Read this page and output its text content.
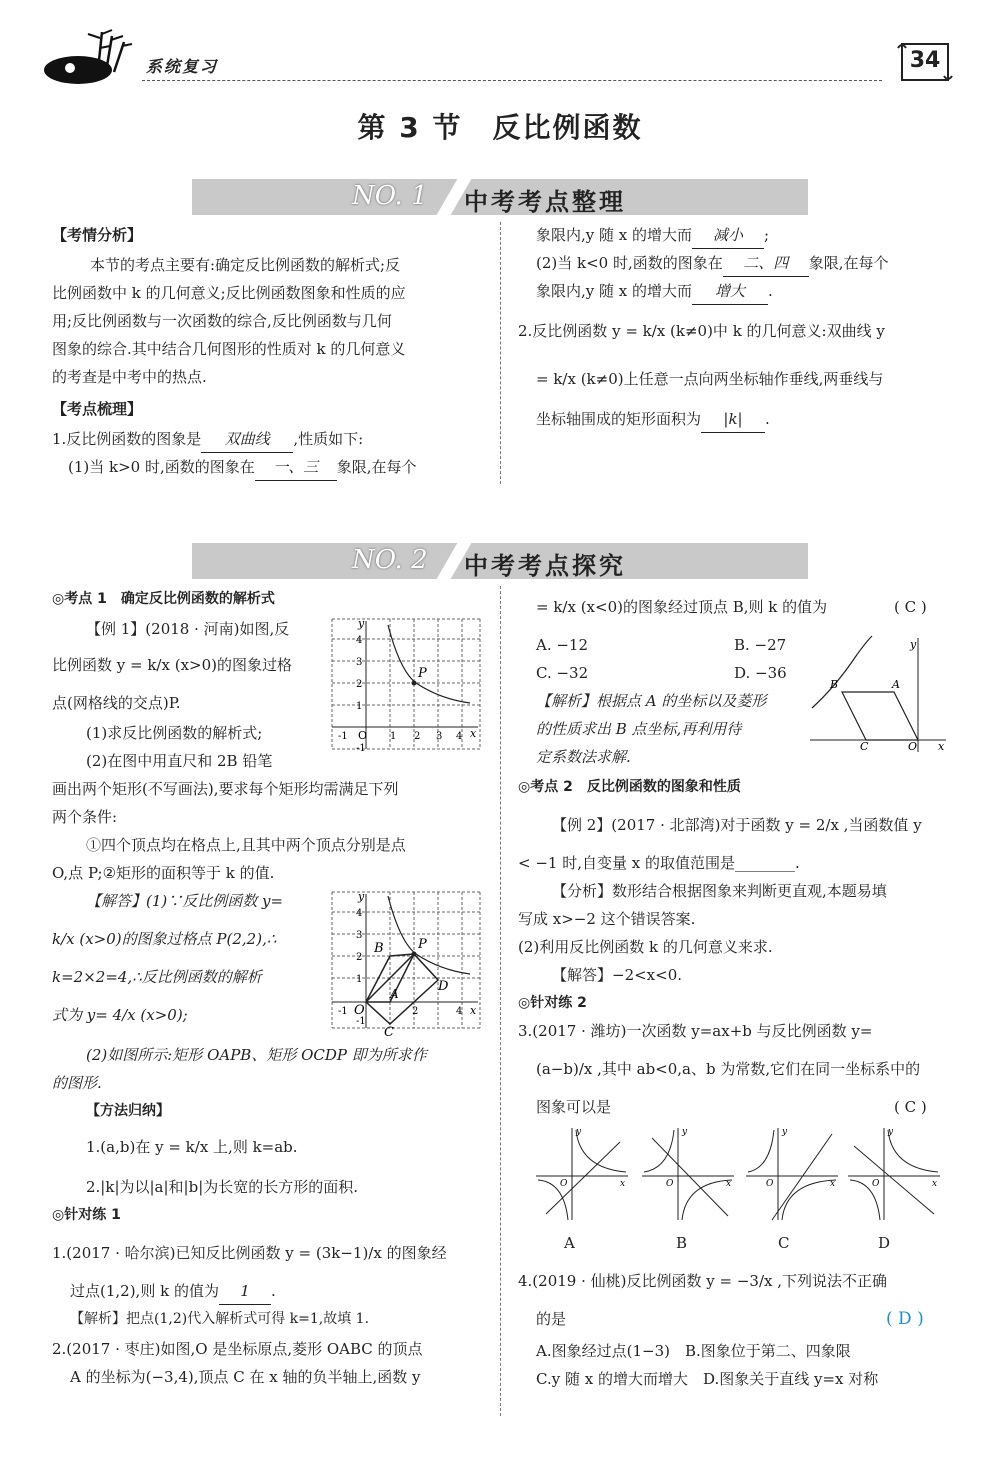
系统复习	34
第 3 节　反比例函数
NO. 1 中考考点整理
【考情分析】
本节的考点主要有:确定反比例函数的解析式;反
比例函数中 k 的几何意义;反比例函数图象和性质的应
用;反比例函数与一次函数的综合,反比例函数与几何
图象的综合.其中结合几何图形的性质对 k 的几何意义
的考查是中考中的热点.
【考点梳理】
1.反比例函数的图象是 双曲线 ,性质如下:
(1)当 k>0 时,函数的图象在 一、三 象限,在每个
象限内,y 随 x 的增大而 减小 ;
(2)当 k<0 时,函数的图象在 二、四 象限,在每个
象限内,y 随 x 的增大而 增大 .
2.反比例函数 y = k/x (k≠0)中 k 的几何意义:双曲线 y
= k/x (k≠0)上任意一点向两坐标轴作垂线,两垂线与
坐标轴围成的矩形面积为 |k| .
NO. 2 中考考点探究
◎考点 1　确定反比例函数的解析式
【例 1】(2018 · 河南)如图,反
比例函数 y = k/x (x>0)的图象过格
点(网格线的交点)P.
(1)求反比例函数的解析式;
(2)在图中用直尺和 2B 铅笔
画出两个矩形(不写画法),要求每个矩形均需满足下列
两个条件:
①四个顶点均在格点上,且其中两个顶点分别是点
O,点 P;②矩形的面积等于 k 的值.
P
y
x
O
4
3
2
1
-1
-1	1 2 3 4
【解答】(1)∵反比例函数 y=
k/x (x>0)的图象过格点 P(2,2),∴
k=2×2=4,∴反比例函数的解析
式为 y= 4/x (x>0);
P
B
A	D
C
O
y
x
4
3
2
1
-1
-1	2	4
(2)如图所示:矩形 OAPB、矩形 OCDP 即为所求作
的图形.
【方法归纳】
1.(a,b)在 y = k/x 上,则 k=ab.
2.|k|为以|a|和|b|为长宽的长方形的面积.
◎针对练 1
1.(2017 · 哈尔滨)已知反比例函数 y = (3k−1)/x 的图象经
过点(1,2),则 k 的值为 1 .
【解析】把点(1,2)代入解析式可得 k=1,故填 1.
2.(2017 · 枣庄)如图,O 是坐标原点,菱形 OABC 的顶点
A 的坐标为(−3,4),顶点 C 在 x 轴的负半轴上,函数 y
= k/x (x<0)的图象经过顶点 B,则 k 的值为	( C )
A. −12	B. −27
C. −32	D. −36
【解析】根据点 A 的坐标以及菱形
的性质求出 B 点坐标,再利用待
定系数法求解.
B	A
C	O
y
x
◎考点 2　反比例函数的图象和性质
【例 2】(2017 · 北部湾)对于函数 y = 2/x ,当函数值 y
< −1 时,自变量 x 的取值范围是________.
【分析】数形结合根据图象来判断更直观,本题易填
写成 x>−2 这个错误答案.
(2)利用反比例函数 k 的几何意义来求.
【解答】−2<x<0.
◎针对练 2
3.(2017 · 潍坊)一次函数 y=ax+b 与反比例函数 y=
(a−b)/x ,其中 ab<0,a、b 为常数,它们在同一坐标系中的
图象可以是	( C )
O	x
y
O	x
y
O	x
y
O	x
y
A	B	C	D
4.(2019 · 仙桃)反比例函数 y = −3/x ,下列说法不正确
的是	( D )
A.图象经过点(1−3)　B.图象位于第二、四象限
C.y 随 x 的增大而增大　D.图象关于直线 y=x 对称
